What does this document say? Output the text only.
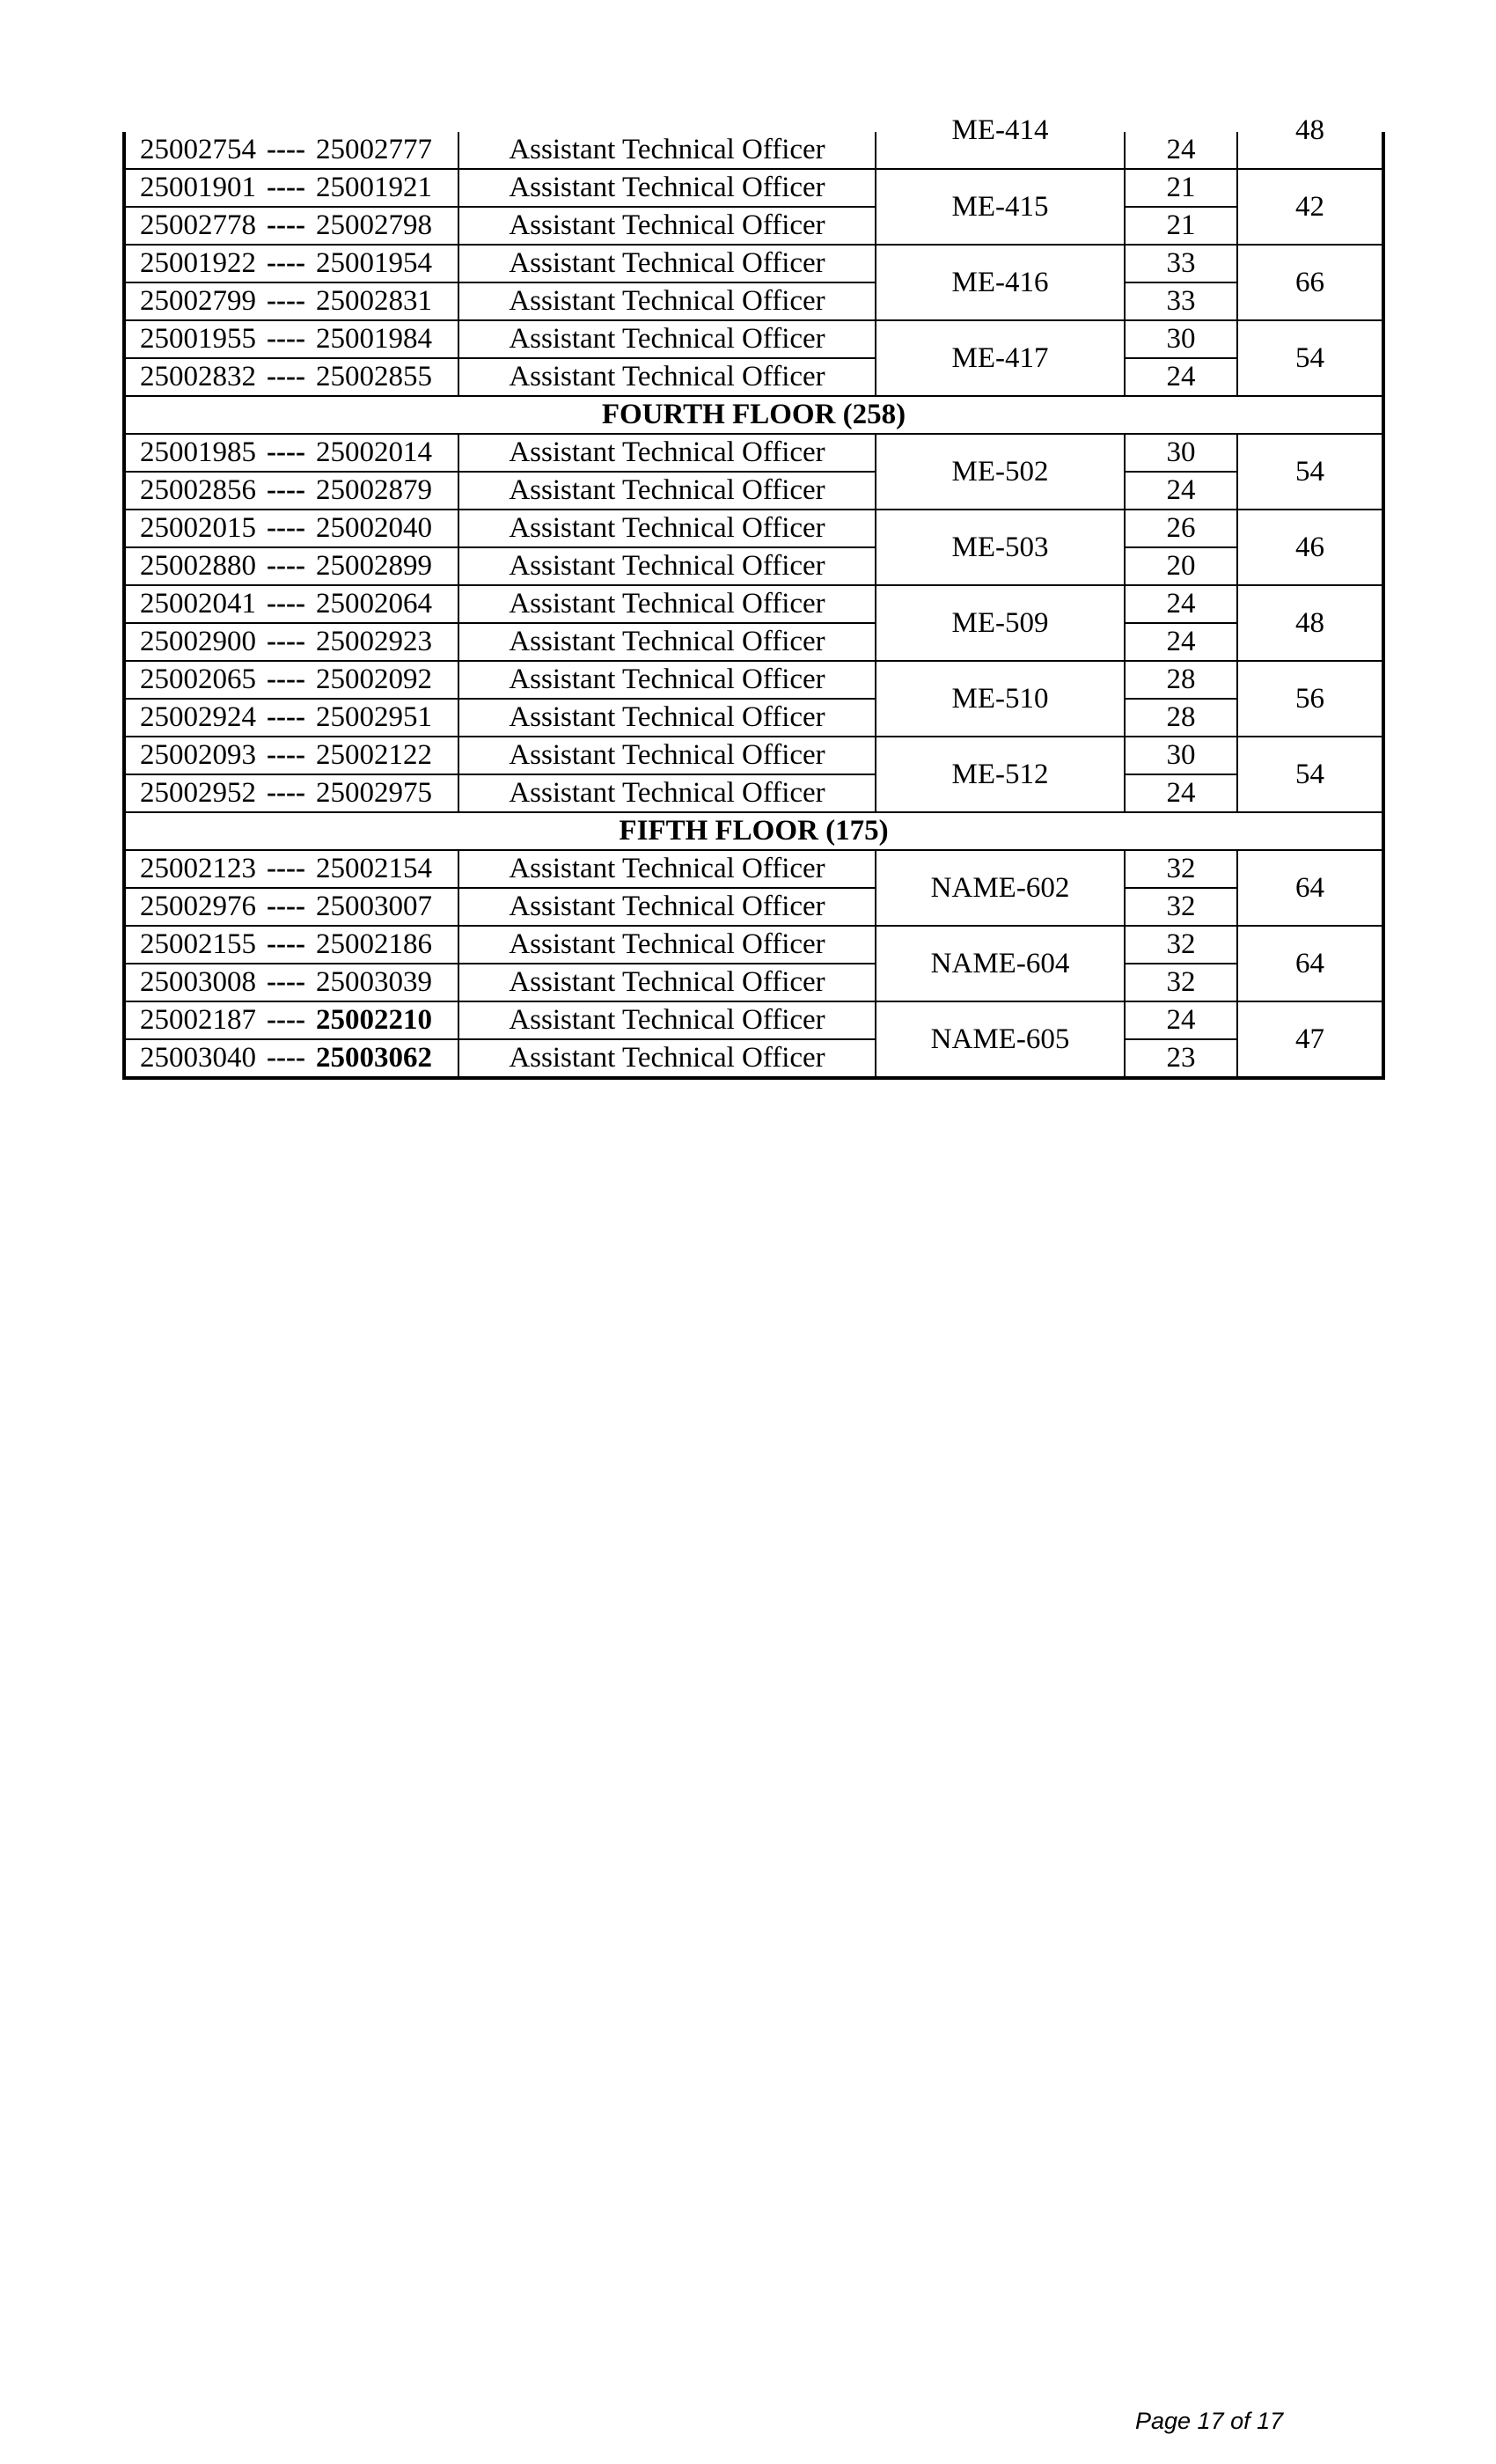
25002754 ---- 25002777	Assistant Technical Officer	ME-414	24	48
25001901 ---- 25001921	Assistant Technical Officer	ME-415	21	42
25002778 ---- 25002798	Assistant Technical Officer		21	
25001922 ---- 25001954	Assistant Technical Officer	ME-416	33	66
25002799 ---- 25002831	Assistant Technical Officer		33	
25001955 ---- 25001984	Assistant Technical Officer	ME-417	30	54
25002832 ---- 25002855	Assistant Technical Officer		24	
FOURTH FLOOR (258)				
25001985 ---- 25002014	Assistant Technical Officer	ME-502	30	54
25002856 ---- 25002879	Assistant Technical Officer		24	
25002015 ---- 25002040	Assistant Technical Officer	ME-503	26	46
25002880 ---- 25002899	Assistant Technical Officer		20	
25002041 ---- 25002064	Assistant Technical Officer	ME-509	24	48
25002900 ---- 25002923	Assistant Technical Officer		24	
25002065 ---- 25002092	Assistant Technical Officer	ME-510	28	56
25002924 ---- 25002951	Assistant Technical Officer		28	
25002093 ---- 25002122	Assistant Technical Officer	ME-512	30	54
25002952 ---- 25002975	Assistant Technical Officer		24	
FIFTH FLOOR (175)				
25002123 ---- 25002154	Assistant Technical Officer	NAME-602	32	64
25002976 ---- 25003007	Assistant Technical Officer		32	
25002155 ---- 25002186	Assistant Technical Officer	NAME-604	32	64
25003008 ---- 25003039	Assistant Technical Officer		32	
25002187 ---- 25002210	Assistant Technical Officer	NAME-605	24	47
25003040 ---- 25003062	Assistant Technical Officer		23	
Page 17 of 17
